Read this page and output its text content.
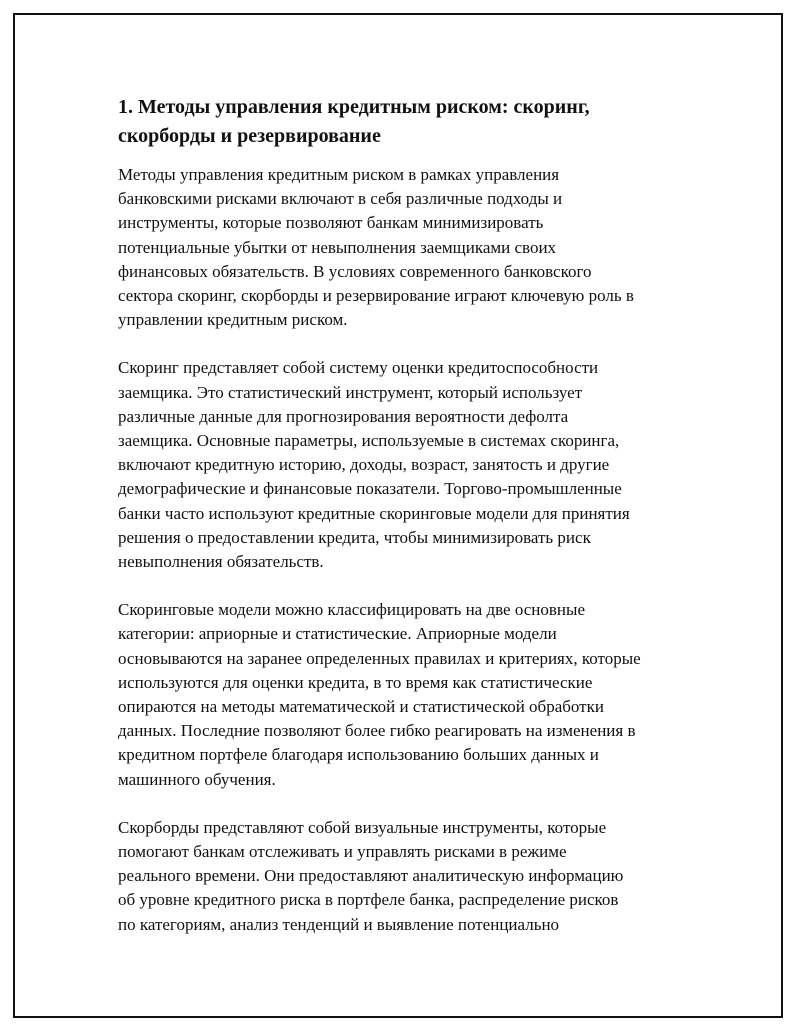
1. Методы управления кредитным риском: скоринг,
скорборды и резервирование

Методы управления кредитным риском в рамках управления
банковскими рисками включают в себя различные подходы и
инструменты, которые позволяют банкам минимизировать
потенциальные убытки от невыполнения заемщиками своих
финансовых обязательств. В условиях современного банковского
сектора скоринг, скорборды и резервирование играют ключевую роль в
управлении кредитным риском.

Скоринг представляет собой систему оценки кредитоспособности
заемщика. Это статистический инструмент, который использует
различные данные для прогнозирования вероятности дефолта
заемщика. Основные параметры, используемые в системах скоринга,
включают кредитную историю, доходы, возраст, занятость и другие
демографические и финансовые показатели. Торгово-промышленные
банки часто используют кредитные скоринговые модели для принятия
решения о предоставлении кредита, чтобы минимизировать риск
невыполнения обязательств.

Скоринговые модели можно классифицировать на две основные
категории: априорные и статистические. Априорные модели
основываются на заранее определенных правилах и критериях, которые
используются для оценки кредита, в то время как статистические
опираются на методы математической и статистической обработки
данных. Последние позволяют более гибко реагировать на изменения в
кредитном портфеле благодаря использованию больших данных и
машинного обучения.

Скорборды представляют собой визуальные инструменты, которые
помогают банкам отслеживать и управлять рисками в режиме
реального времени. Они предоставляют аналитическую информацию
об уровне кредитного риска в портфеле банка, распределение рисков
по категориям, анализ тенденций и выявление потенциально
